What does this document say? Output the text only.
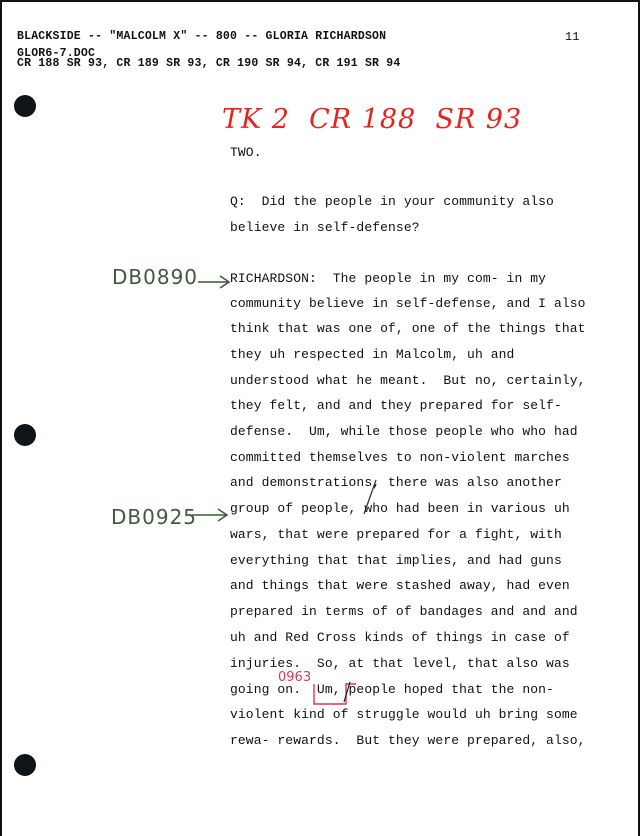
BLACKSIDE -- "MALCOLM X" -- 800 -- GLORIA RICHARDSON
GLOR6-7.DOC
CR 188 SR 93, CR 189 SR 93, CR 190 SR 94, CR 191 SR 94
11
TK 2  CR 188  SR 93
DB0890
DB0925
0963
TWO.
Q:  Did the people in your community also
believe in self-defense?
RICHARDSON:  The people in my com- in my
community believe in self-defense, and I also
think that was one of, one of the things that
they uh respected in Malcolm, uh and
understood what he meant.  But no, certainly,
they felt, and and they prepared for self-
defense.  Um, while those people who who had
committed themselves to non-violent marches
and demonstrations, there was also another
group of people, who had been in various uh
wars, that were prepared for a fight, with
everything that that implies, and had guns
and things that were stashed away, had even
prepared in terms of of bandages and and and
uh and Red Cross kinds of things in case of
injuries.  So, at that level, that also was
going on.  Um, people hoped that the non-
violent kind of struggle would uh bring some
rewa- rewards.  But they were prepared, also,
